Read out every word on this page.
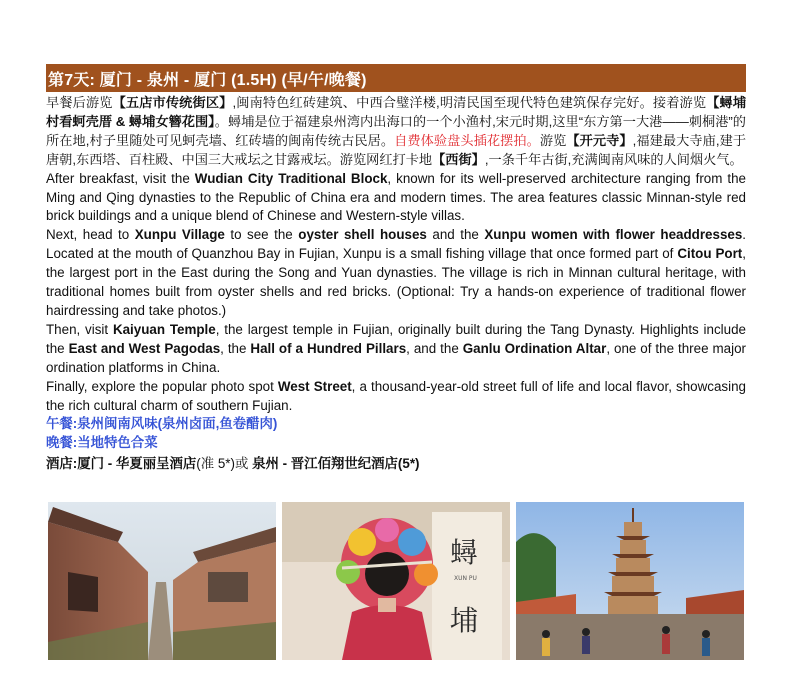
第7天: 厦门 - 泉州 - 厦门 (1.5H) (早/午/晚餐)

早餐后游览【五店市传统街区】,闽南特色红砖建筑、中西合璧洋楼,明清民国至现代特色建筑保存完好。接着游览【蟳埔村看蚵壳厝 & 蟳埔女簪花围】。蟳埔是位于福建泉州湾内出海口的一个小渔村,宋元时期,这里“东方第一大港——刺桐港”的所在地,村子里随处可见蚵壳墙、红砖墙的闽南传统古民居。自费体验盘头插花摆拍。游览【开元寺】,福建最大寺庙,建于唐朝,东西塔、百柱殿、中国三大戒坛之甘露戒坛。游览网红打卡地【西街】,一条千年古街,充满闽南风味的人间烟火气。

After breakfast, visit the Wudian City Traditional Block, known for its well-preserved architecture ranging from the Ming and Qing dynasties to the Republic of China era and modern times. The area features classic Minnan-style red brick buildings and a unique blend of Chinese and Western-style villas.

Next, head to Xunpu Village to see the oyster shell houses and the Xunpu women with flower headdresses. Located at the mouth of Quanzhou Bay in Fujian, Xunpu is a small fishing village that once formed part of Citou Port, the largest port in the East during the Song and Yuan dynasties. The village is rich in Minnan cultural heritage, with traditional homes built from oyster shells and red bricks. (Optional: Try a hands-on experience of traditional flower hairdressing and take photos.)

Then, visit Kaiyuan Temple, the largest temple in Fujian, originally built during the Tang Dynasty. Highlights include the East and West Pagodas, the Hall of a Hundred Pillars, and the Ganlu Ordination Altar, one of the three major ordination platforms in China.

Finally, explore the popular photo spot West Street, a thousand-year-old street full of life and local flavor, showcasing the rich cultural charm of southern Fujian.

午餐:泉州闽南风味(泉州卤面,鱼卷醋肉)

晚餐:当地特色合菜

酒店:厦门 - 华夏丽呈酒店(准 5*)或 泉州 - 晋江佰翔世纪酒店(5*)

蟳
埔
XUN PU
